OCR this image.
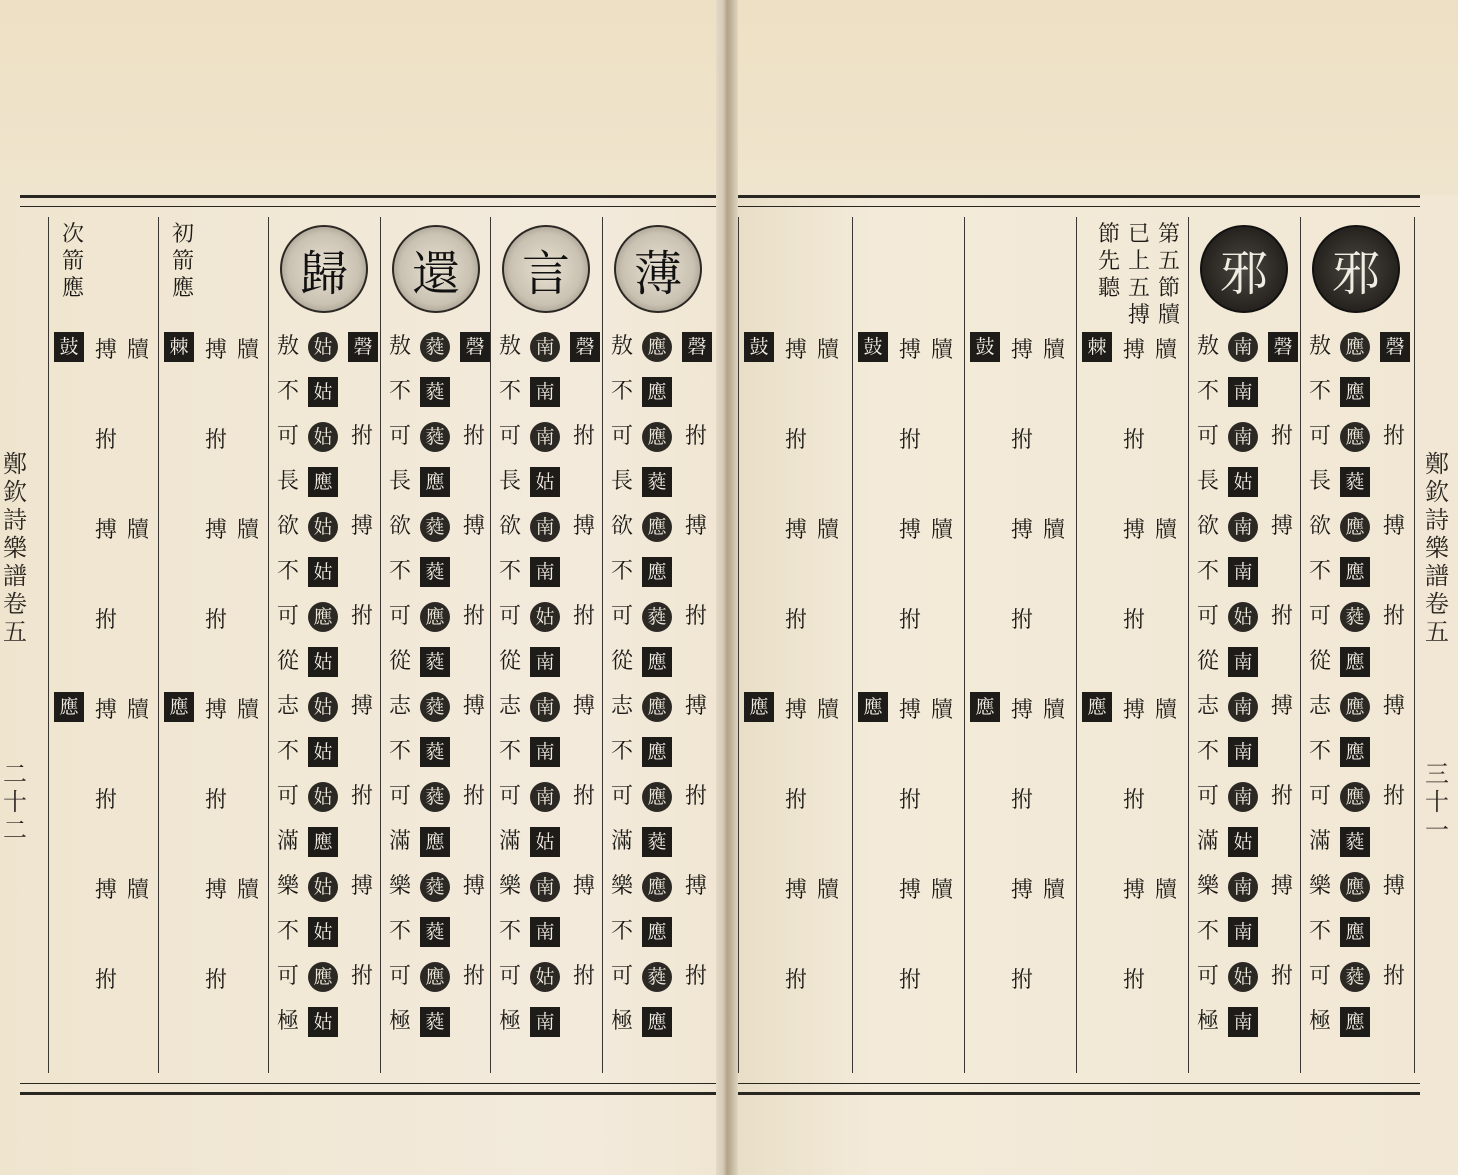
次箭應
初箭應
鼓
應
搏 牘
搏 牘
搏 牘
搏 牘
拊
拊
拊
拊
棘
應
搏 牘
搏 牘
搏 牘
搏 牘
拊
拊
拊
拊
歸
磬
敖 姑
不 姑
可 姑
長 應
欲 姑
不 姑
可 應
從 姑
志 姑
不 姑
可 姑
滿 應
樂 姑
不 姑
可 應
極 姑
拊
拊
拊
拊
搏
搏
搏
還
磬
敖 蕤
不 蕤
可 蕤
長 應
欲 蕤
不 蕤
可 應
從 蕤
志 蕤
不 蕤
可 蕤
滿 應
樂 蕤
不 蕤
可 應
極 蕤
拊
拊
拊
拊
搏
搏
搏
言
磬
敖 南
不 南
可 南
長 姑
欲 南
不 南
可 姑
從 南
志 南
不 南
可 南
滿 姑
樂 南
不 南
可 姑
極 南
拊
拊
拊
拊
搏
搏
搏
薄
磬
敖 應
不 應
可 應
長 蕤
欲 應
不 應
可 蕤
從 應
志 應
不 應
可 應
滿 蕤
樂 應
不 應
可 蕤
極 應
拊
拊
拊
拊
搏
搏
搏
鄭欽詩樂譜卷五
鼓
應
搏 牘
搏 牘
搏 牘
搏 牘
拊
拊
拊
拊
鼓
應
搏 牘
搏 牘
搏 牘
搏 牘
拊
拊
拊
拊
鼓
應
搏 牘
搏 牘
搏 牘
搏 牘
拊
拊
拊
拊
棘
應
搏 牘
搏 牘
搏 牘
搏 牘
拊
拊
拊
拊
第五節牘
已上五搏
節先聽	邪
磬
敖 南
不 南
可 南
長 姑
欲 南
不 南
可 姑
從 南
志 南
不 南
可 南
滿 姑
樂 南
不 南
可 姑
極 南
拊
拊
拊
拊
搏
搏
搏
邪
磬
敖 應
不 應
可 應
長 蕤
欲 應
不 應
可 蕤
從 應
志 應
不 應
可 應
滿 蕤
樂 應
不 應
可 蕤
極 應
拊
拊
拊
拊
搏
搏
搏
鄭欽詩樂譜卷五
二十二
三十一
